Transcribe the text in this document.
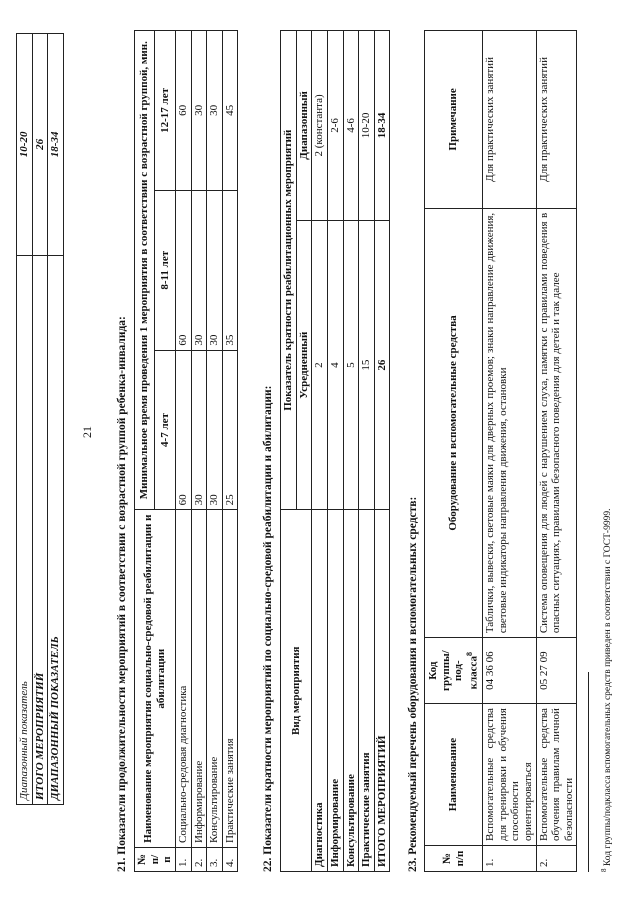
Диапазонный показатель	10-20
ИТОГО МЕРОПРИЯТИЙ	26
ДИАПАЗОННЫЙ ПОКАЗАТЕЛЬ	18-34
21 21. Показатели продолжительности мероприятий в соответствии с возрастной группой ребенка-инвалида: № п/п	Наименование мероприятия социально-средовой реабилитации и абилитации	Минимальное время проведения 1 мероприятия в соответствии с возрастной группой, мин.		
		4-7 лет	8-11 лет	12-17 лет
1.	Социально-средовая диагностика	60	60	60
2.	Информирование	30	30	30
3.	Консультирование	30	30	30
4.	Практические занятия	25	35	45
22. Показатели кратности мероприятий по социально-средовой реабилитации и абилитации: Вид мероприятия	Показатель кратности реабилитационных мероприятий	
	Усредненный	Диапазонный
Диагностика	2	2 (константа)
Информирование	4	2-6
Консультирование	5	4-6
Практические занятия	15	10-20
ИТОГО МЕРОПРИЯТИЙ	26	18-34
23. Рекомендуемый перечень оборудования и вспомогательных средств: № п/п	Наименование	Код группы/под-класса$^8$	Оборудование и вспомогательные средства	Примечание
1.	Вспомогательные средства для тренировки и обучения способности ориентироваться	04 36 06	Таблички, вывески, световые маяки для дверных проемов; знаки направление движения, световые индикаторы направления движения, остановки	Для практических занятий
2.	Вспомогательные средства обучения правилам личной безопасности	05 27 09	Система оповещения для людей с нарушением слуха, памятки с правилами поведения в опасных ситуациях, правилами безопасного поведения для детей и так далее	Для практических занятий
$^8$ Код группы/подкласса вспомогательных средств приведен в соответствии с ГОСТ-9999.
